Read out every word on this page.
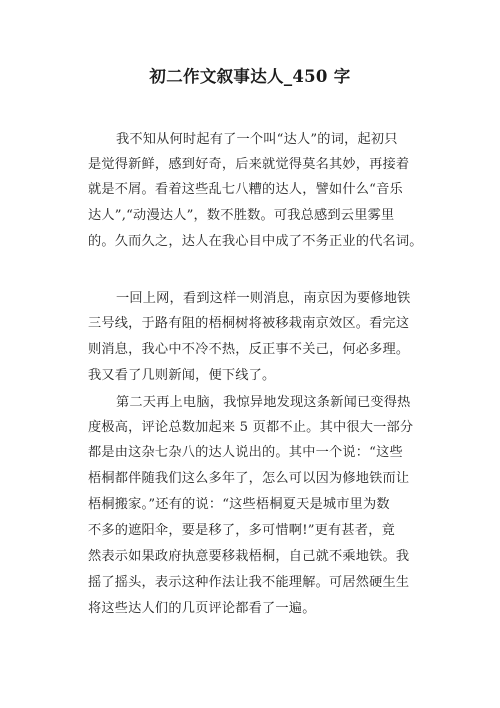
初二作文叙事达人_450 字
我不知从何时起有了一个叫“达人”的词，起初只
是觉得新鲜，感到好奇，后来就觉得莫名其妙，再接着
就是不屑。看着这些乱七八糟的达人，譬如什么“音乐
达人”,“动漫达人”，数不胜数。可我总感到云里雾里
的。久而久之，达人在我心目中成了不务正业的代名词。
一回上网，看到这样一则消息，南京因为要修地铁
三号线，于路有阻的梧桐树将被移栽南京效区。看完这
则消息，我心中不冷不热，反正事不关己，何必多理。
我又看了几则新闻，便下线了。
第二天再上电脑，我惊异地发现这条新闻已变得热
度极高，评论总数加起来 5 页都不止。其中很大一部分
都是由这杂七杂八的达人说出的。其中一个说：“这些
梧桐都伴随我们这么多年了，怎么可以因为修地铁而让
梧桐搬家。”还有的说：“这些梧桐夏天是城市里为数
不多的遮阳伞，要是移了，多可惜啊!”更有甚者，竟
然表示如果政府执意要移栽梧桐，自己就不乘地铁。我
摇了摇头，表示这种作法让我不能理解。可居然硬生生
将这些达人们的几页评论都看了一遍。
